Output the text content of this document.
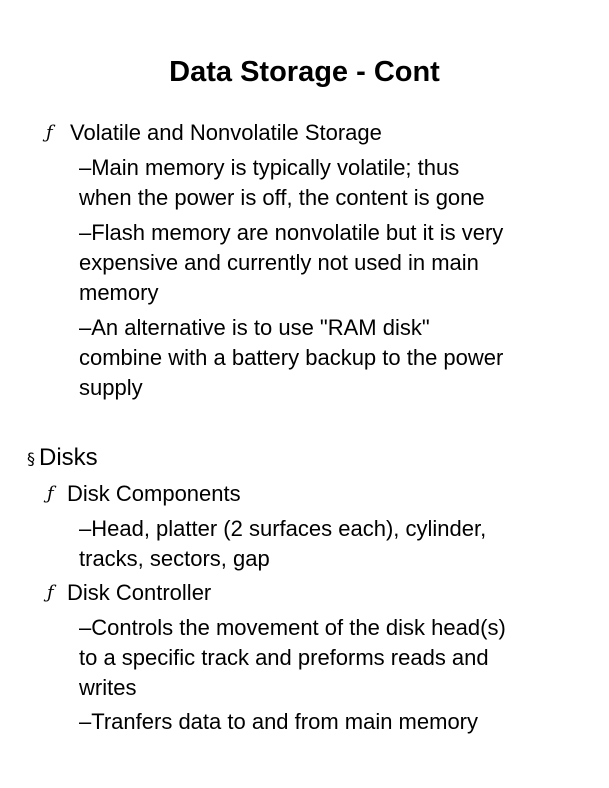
Data Storage - Cont
ƒ Volatile and Nonvolatile Storage
–Main memory is typically volatile; thus
when the power is off, the content is gone
–Flash memory are nonvolatile but it is very
expensive and currently not used in main
memory
–An alternative is to use "RAM disk"
combine with a battery backup to the power
supply
§ Disks
ƒ Disk Components
–Head, platter (2 surfaces each), cylinder,
tracks, sectors, gap
ƒ Disk Controller
–Controls the movement of the disk head(s)
to a specific track and preforms reads and
writes
–Tranfers data to and from main memory
